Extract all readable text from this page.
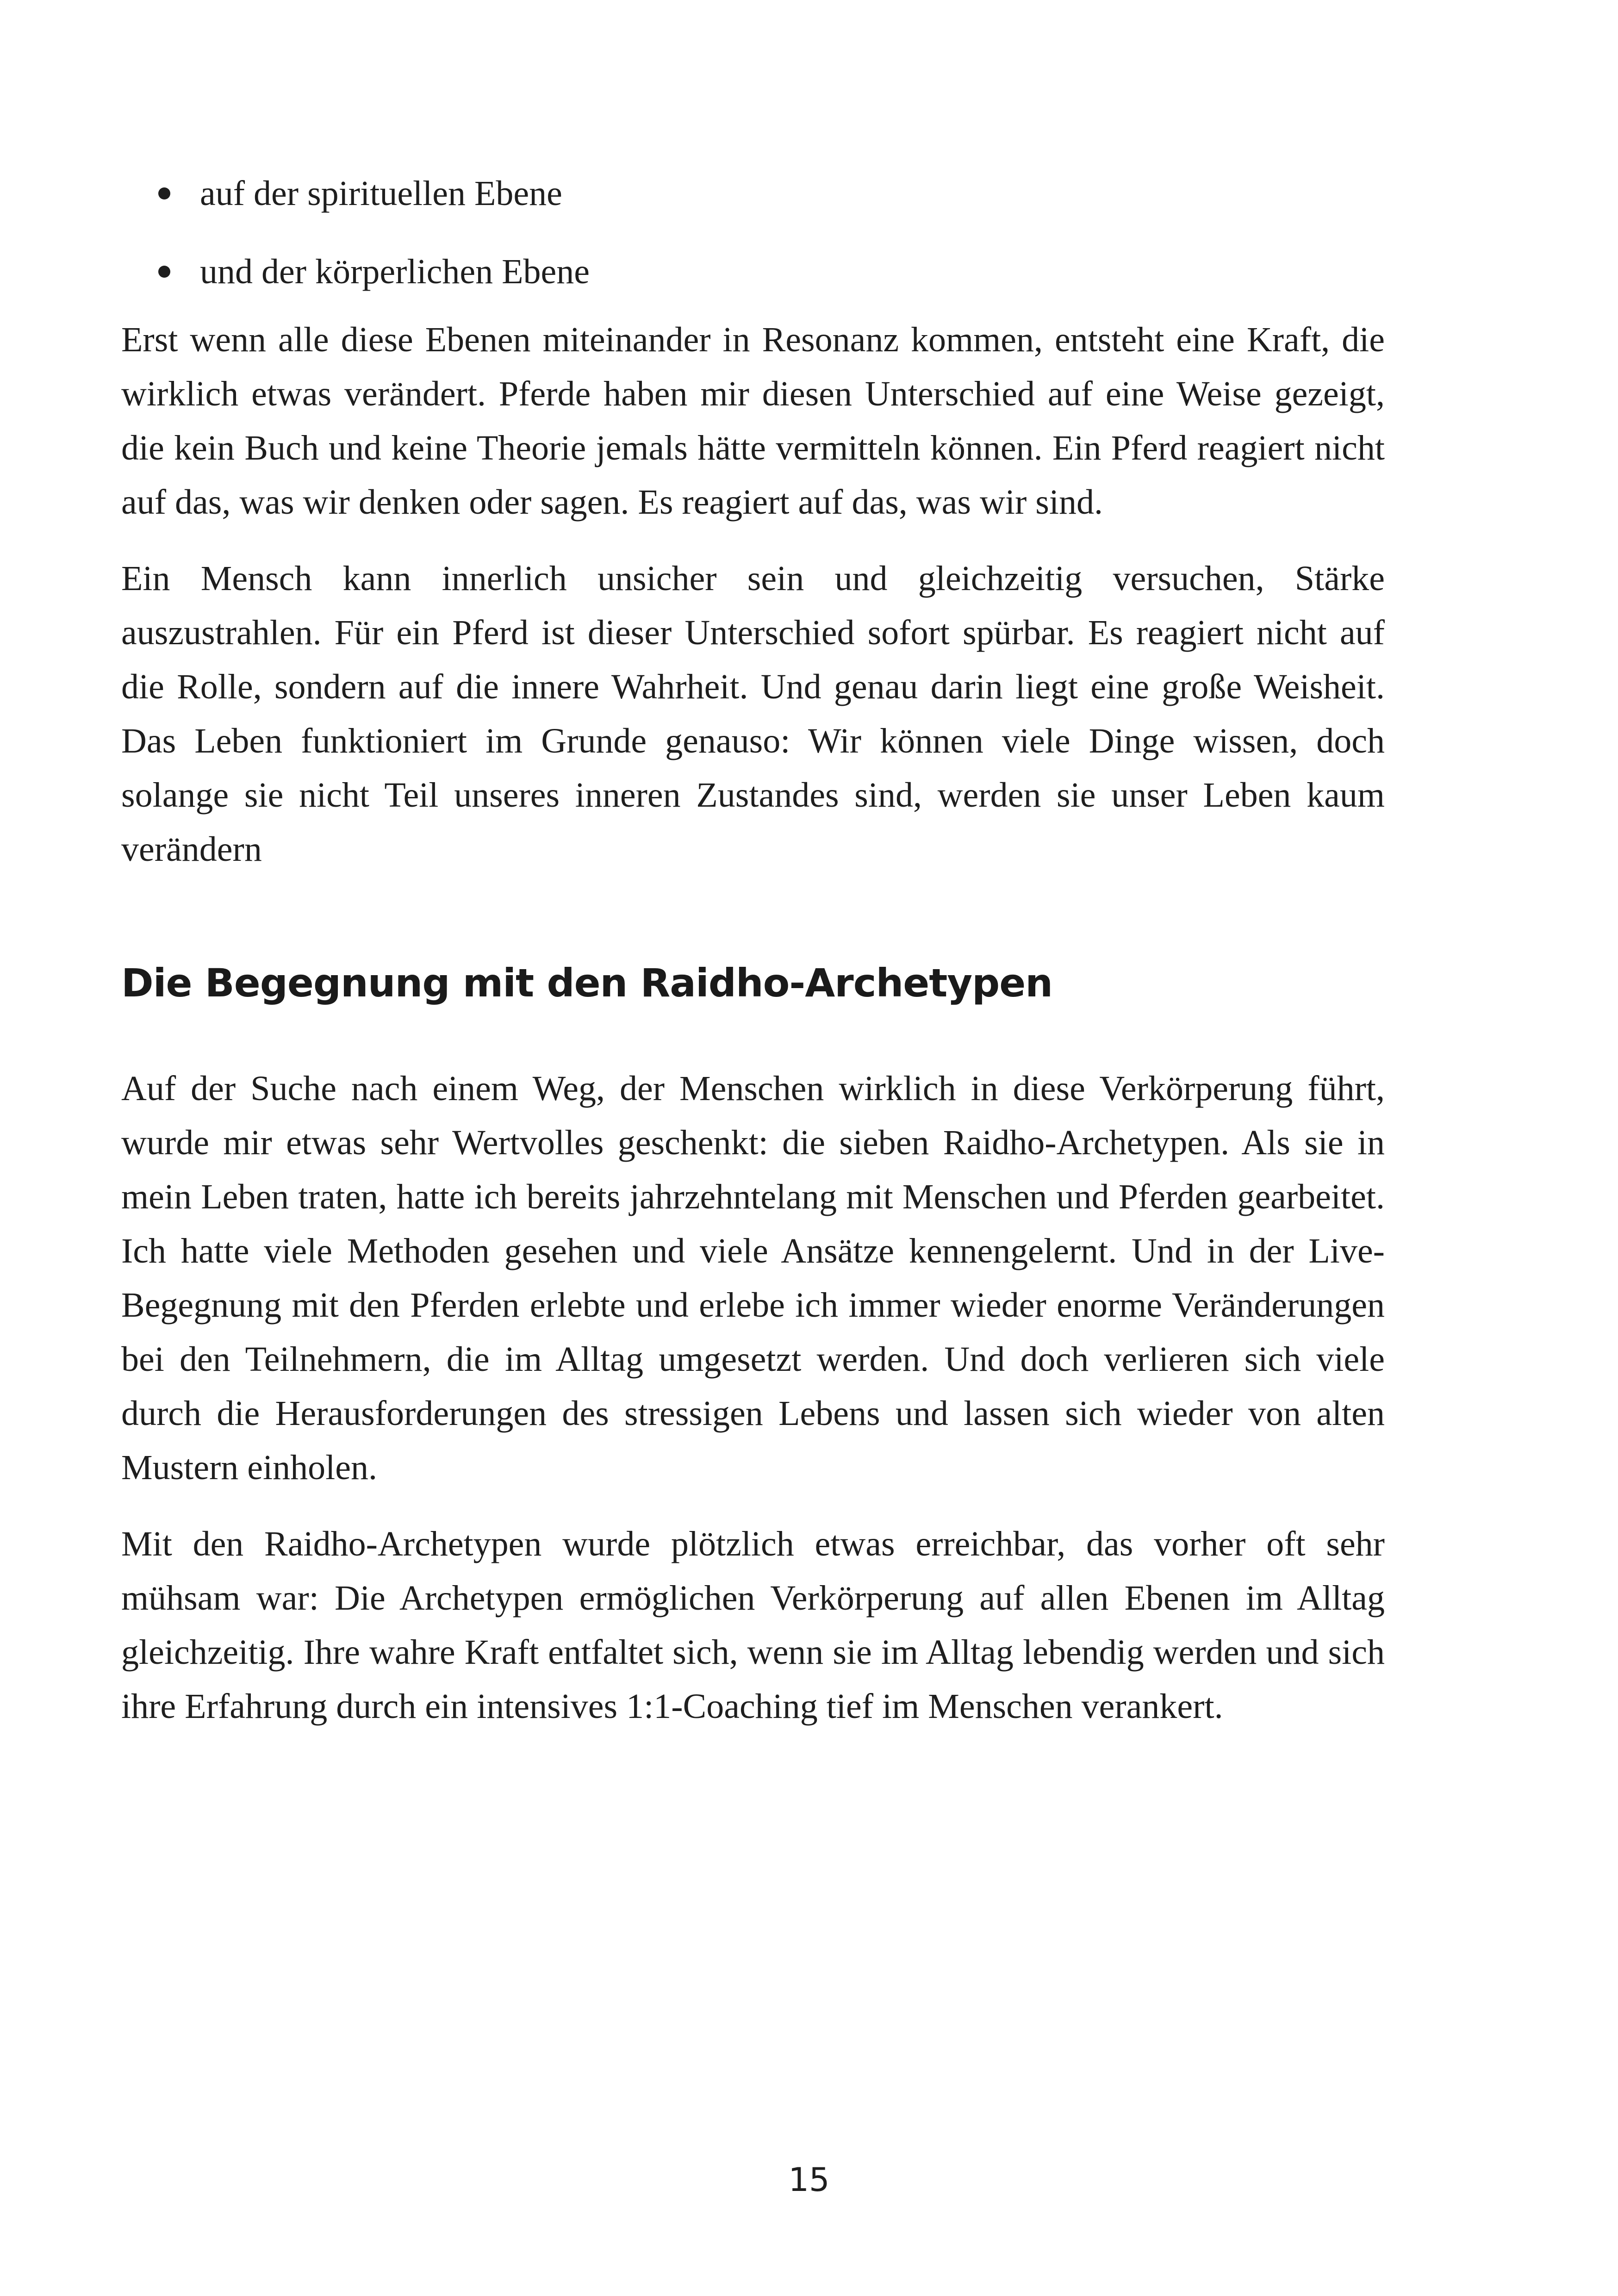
auf der spirituellen Ebene
und der körperlichen Ebene

Erst wenn alle diese Ebenen miteinander in Resonanz kommen, entsteht eine Kraft, die wirklich etwas verändert. Pferde haben mir diesen Unterschied auf eine Weise gezeigt, die kein Buch und keine Theorie jemals hätte vermitteln können. Ein Pferd reagiert nicht auf das, was wir denken oder sagen. Es reagiert auf das, was wir sind.

Ein Mensch kann innerlich unsicher sein und gleichzeitig versuchen, Stärke auszustrahlen. Für ein Pferd ist dieser Unterschied sofort spürbar. Es reagiert nicht auf die Rolle, sondern auf die innere Wahrheit. Und genau darin liegt eine große Weisheit. Das Leben funktioniert im Grunde genauso: Wir können viele Dinge wissen, doch solange sie nicht Teil unseres inneren Zustandes sind, werden sie unser Leben kaum verändern

Die Begegnung mit den Raidho-Archetypen

Auf der Suche nach einem Weg, der Menschen wirklich in diese Verkörperung führt, wurde mir etwas sehr Wertvolles geschenkt: die sieben Raidho-Archetypen. Als sie in mein Leben traten, hatte ich bereits jahrzehntelang mit Menschen und Pferden gearbeitet. Ich hatte viele Methoden gesehen und viele Ansätze kennengelernt. Und in der Live-Begegnung mit den Pferden erlebte und erlebe ich immer wieder enorme Veränderungen bei den Teilnehmern, die im Alltag umgesetzt werden. Und doch verlieren sich viele durch die Herausforderungen des stressigen Lebens und lassen sich wieder von alten Mustern einholen.

Mit den Raidho-Archetypen wurde plötzlich etwas erreichbar, das vorher oft sehr mühsam war: Die Archetypen ermöglichen Verkörperung auf allen Ebenen im Alltag gleichzeitig. Ihre wahre Kraft entfaltet sich, wenn sie im Alltag lebendig werden und sich ihre Erfahrung durch ein intensives 1:1-Coaching tief im Menschen verankert.

15
